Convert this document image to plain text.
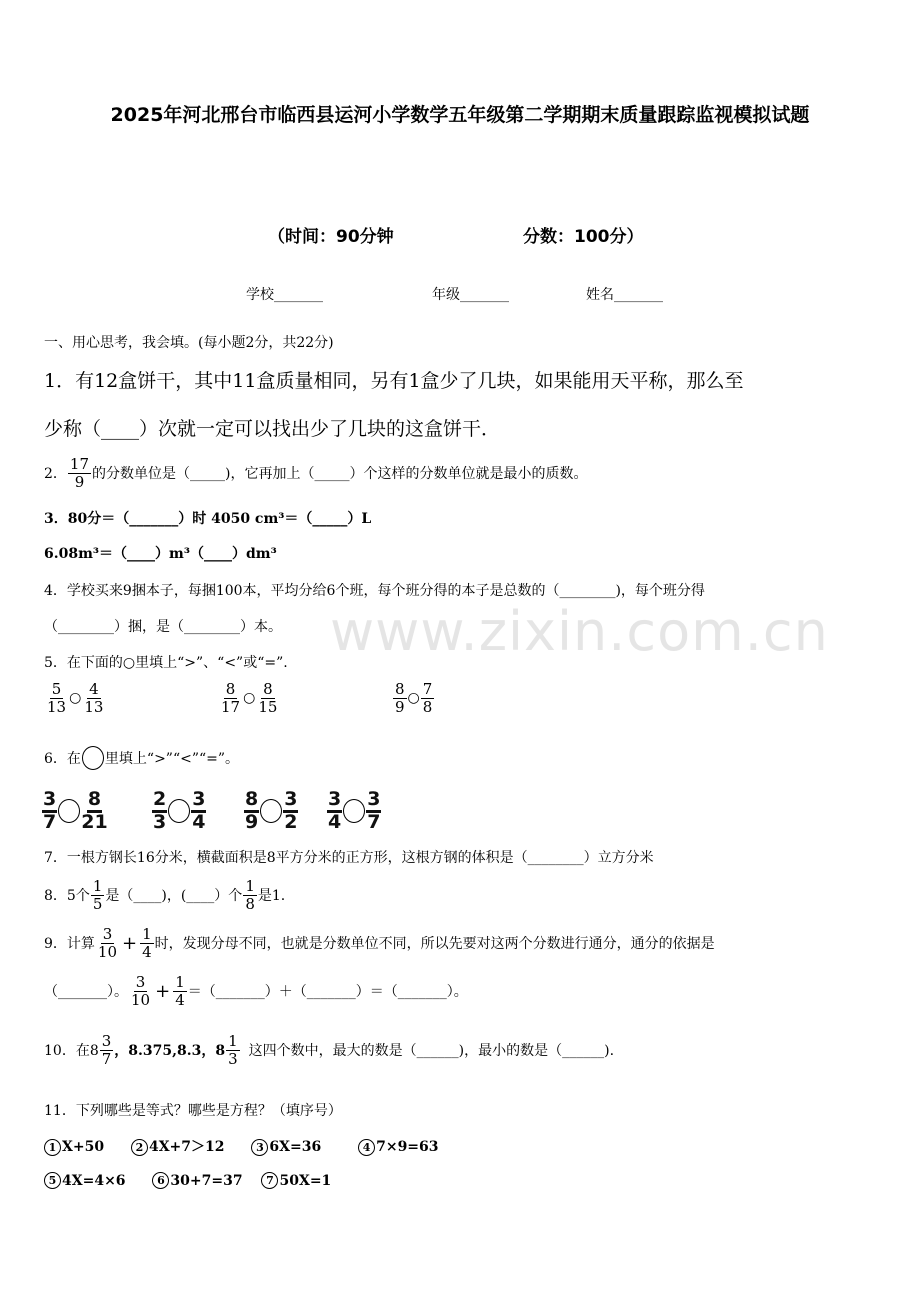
2025年河北邢台市临西县运河小学数学五年级第二学期期末质量跟踪监视模拟试题
（时间：90分钟	分数：100分）
学校_______	年级_______	姓名_______
一、用心思考，我会填。(每小题2分，共22分)
1．有12盒饼干，其中11盒质量相同，另有1盒少了几块，如果能用天平称，那么至
少称（____）次就一定可以找出少了几块的这盒饼干．
2． $\frac{17}{9}$ 的分数单位是（_____)，它再加上（_____）个这样的分数单位就是最小的质数。
3．80分＝（_______）时 4050 cm³＝（_____）L
6.08m³＝（____）m³（____）dm³
4．学校买来9捆本子，每捆100本，平均分给6个班，每个班分得的本子是总数的（________)，每个班分得
（________）捆，是（________）本。
5．在下面的○里填上“>”、“<”或“=”.
$\frac{5}{13}$ ○ $\frac{4}{13}$	$\frac{8}{17}$ ○ $\frac{8}{15}$	$\frac{8}{9}$ ○ $\frac{7}{8}$
6．在 里填上“>”“<”“=”。
$\frac{3}{7} \frac{8}{21} \frac{2}{3} \frac{3}{4} \frac{8}{9} \frac{3}{2} \frac{3}{4} \frac{3}{7}$
7．一根方钢长16分米，横截面积是8平方分米的正方形，这根方钢的体积是（________）立方分米
8．5个 $\frac{1}{5}$ 是（____)，(____）个 $\frac{1}{8}$ 是1.
9．计算 $\frac{3}{10} + \frac{1}{4}$ 时，发现分母不同，也就是分数单位不同，所以先要对这两个分数进行通分，通分的依据是
（_______）。 $\frac{3}{10} + \frac{1}{4}$ ＝（_______）＋（_______）＝（_______）。
10．在$8 \frac{3}{7}$ ，8.375,8.3，$8 \frac{1}{3}$ 这四个数中，最大的数是（______)，最小的数是（______).
11．下列哪些是等式？哪些是方程？（填序号）
1 X+50	2 4X+7＞12	3 6X=36	4 7×9=63
5 4X=4×6	6 30+7=37 7 50X=1
www.zixin.com.cn
